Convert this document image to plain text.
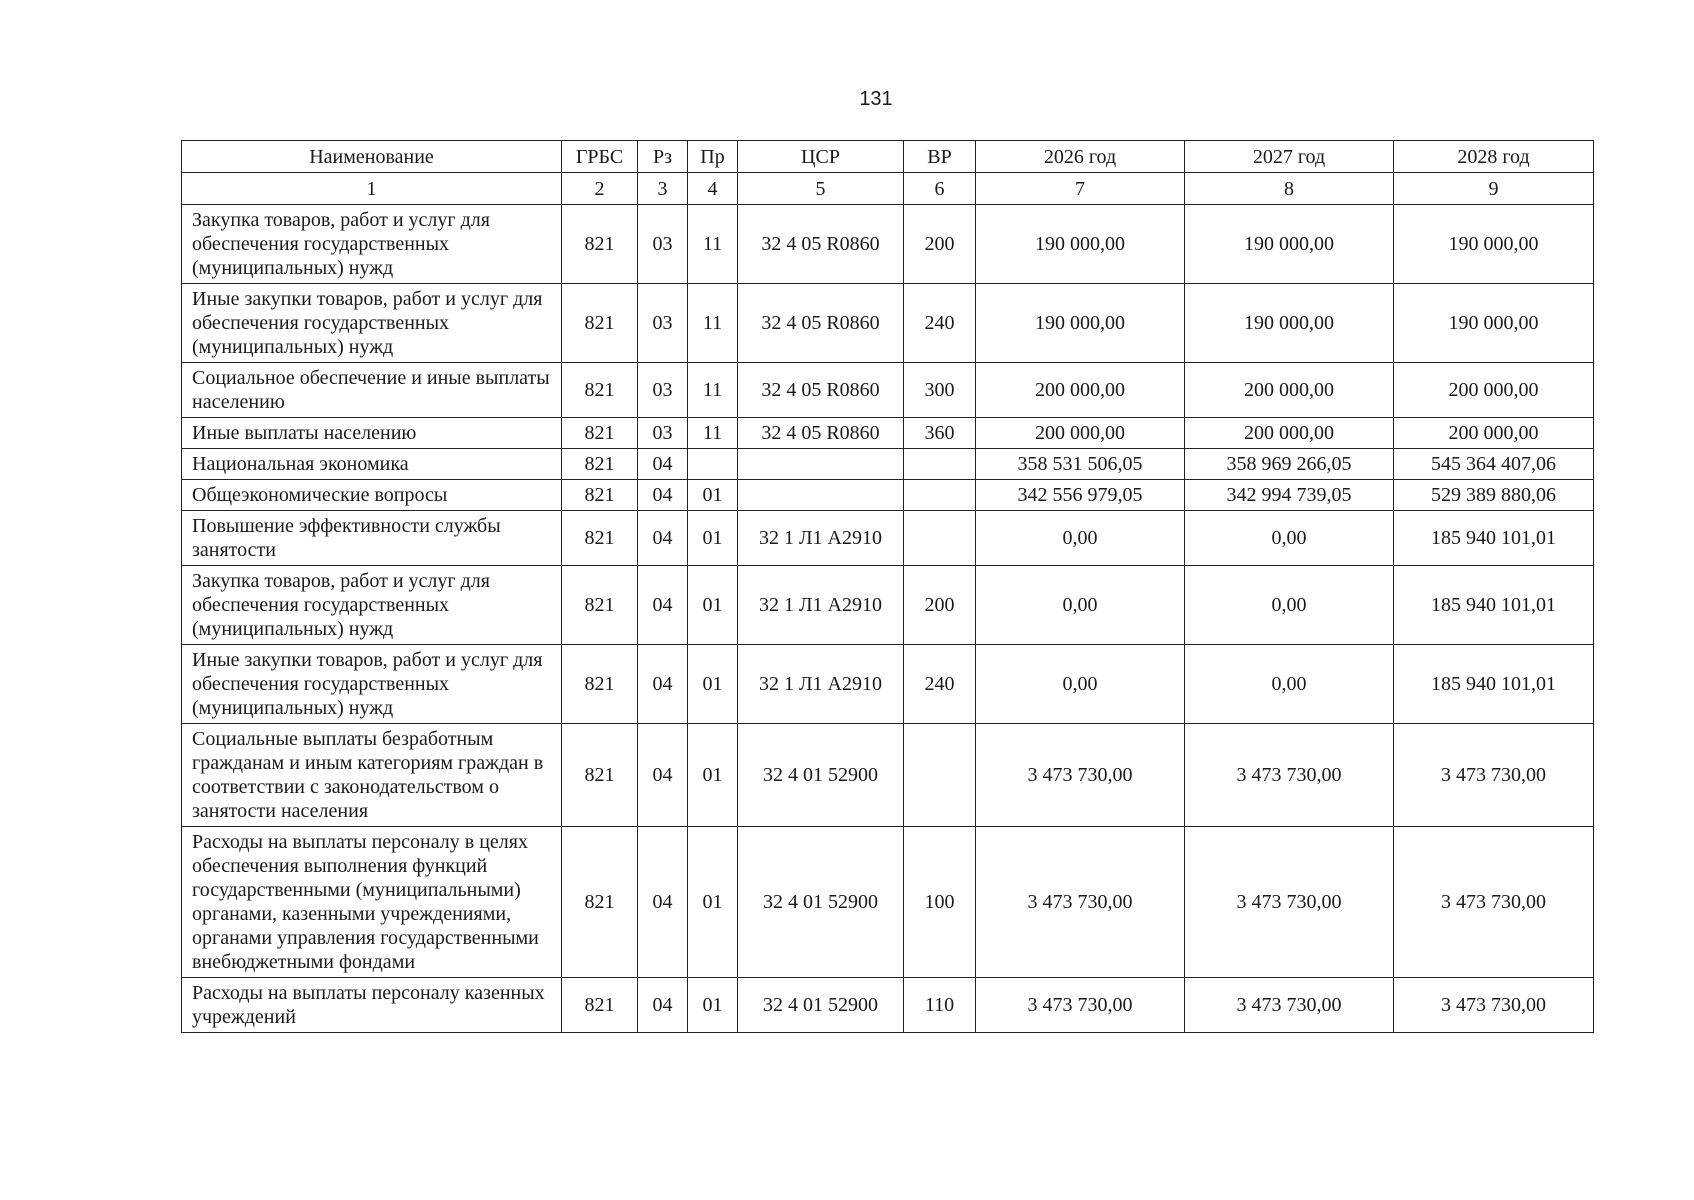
131
Наименование	ГРБС	Рз	Пр	ЦСР	ВР	2026 год	2027 год	2028 год
1	2	3	4	5	6	7	8	9
Закупка товаров, работ и услуг для обеспечения государственных (муниципальных) нужд	821	03	11	32 4 05 R0860	200	190 000,00	190 000,00	190 000,00
Иные закупки товаров, работ и услуг для обеспечения государственных (муниципальных) нужд	821	03	11	32 4 05 R0860	240	190 000,00	190 000,00	190 000,00
Социальное обеспечение и иные выплаты населению	821	03	11	32 4 05 R0860	300	200 000,00	200 000,00	200 000,00
Иные выплаты населению	821	03	11	32 4 05 R0860	360	200 000,00	200 000,00	200 000,00
Национальная экономика	821	04				358 531 506,05	358 969 266,05	545 364 407,06
Общеэкономические вопросы	821	04	01			342 556 979,05	342 994 739,05	529 389 880,06
Повышение эффективности службы занятости	821	04	01	32 1 Л1 А2910		0,00	0,00	185 940 101,01
Закупка товаров, работ и услуг для обеспечения государственных (муниципальных) нужд	821	04	01	32 1 Л1 А2910	200	0,00	0,00	185 940 101,01
Иные закупки товаров, работ и услуг для обеспечения государственных (муниципальных) нужд	821	04	01	32 1 Л1 А2910	240	0,00	0,00	185 940 101,01
Социальные выплаты безработным гражданам и иным категориям граждан в соответствии с законодательством о занятости населения	821	04	01	32 4 01 52900		3 473 730,00	3 473 730,00	3 473 730,00
Расходы на выплаты персоналу в целях обеспечения выполнения функций государственными (муниципальными) органами, казенными учреждениями, органами управления государственными внебюджетными фондами	821	04	01	32 4 01 52900	100	3 473 730,00	3 473 730,00	3 473 730,00
Расходы на выплаты персоналу казенных учреждений	821	04	01	32 4 01 52900	110	3 473 730,00	3 473 730,00	3 473 730,00
